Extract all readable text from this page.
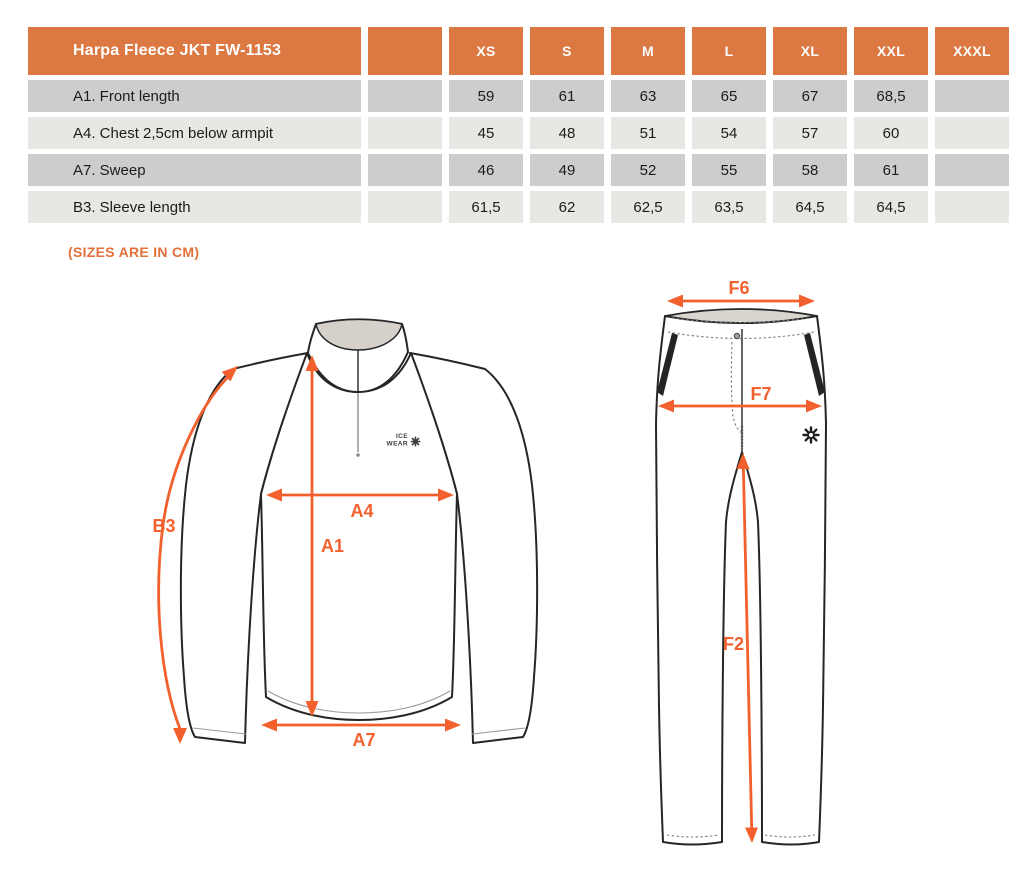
Harpa Fleece JKT FW-1153		XS	S	M	L	XL	XXL	XXXL
A1. Front length		59	61	63	65	67	68,5	
A4. Chest 2,5cm below armpit		45	48	51	54	57	60	
A7. Sweep		46	49	52	55	58	61	
B3. Sleeve length		61,5	62	62,5	63,5	64,5	64,5	
(SIZES ARE IN CM)
ICE
WEAR
B3
A1
A4
A7
F6
F7
F2
